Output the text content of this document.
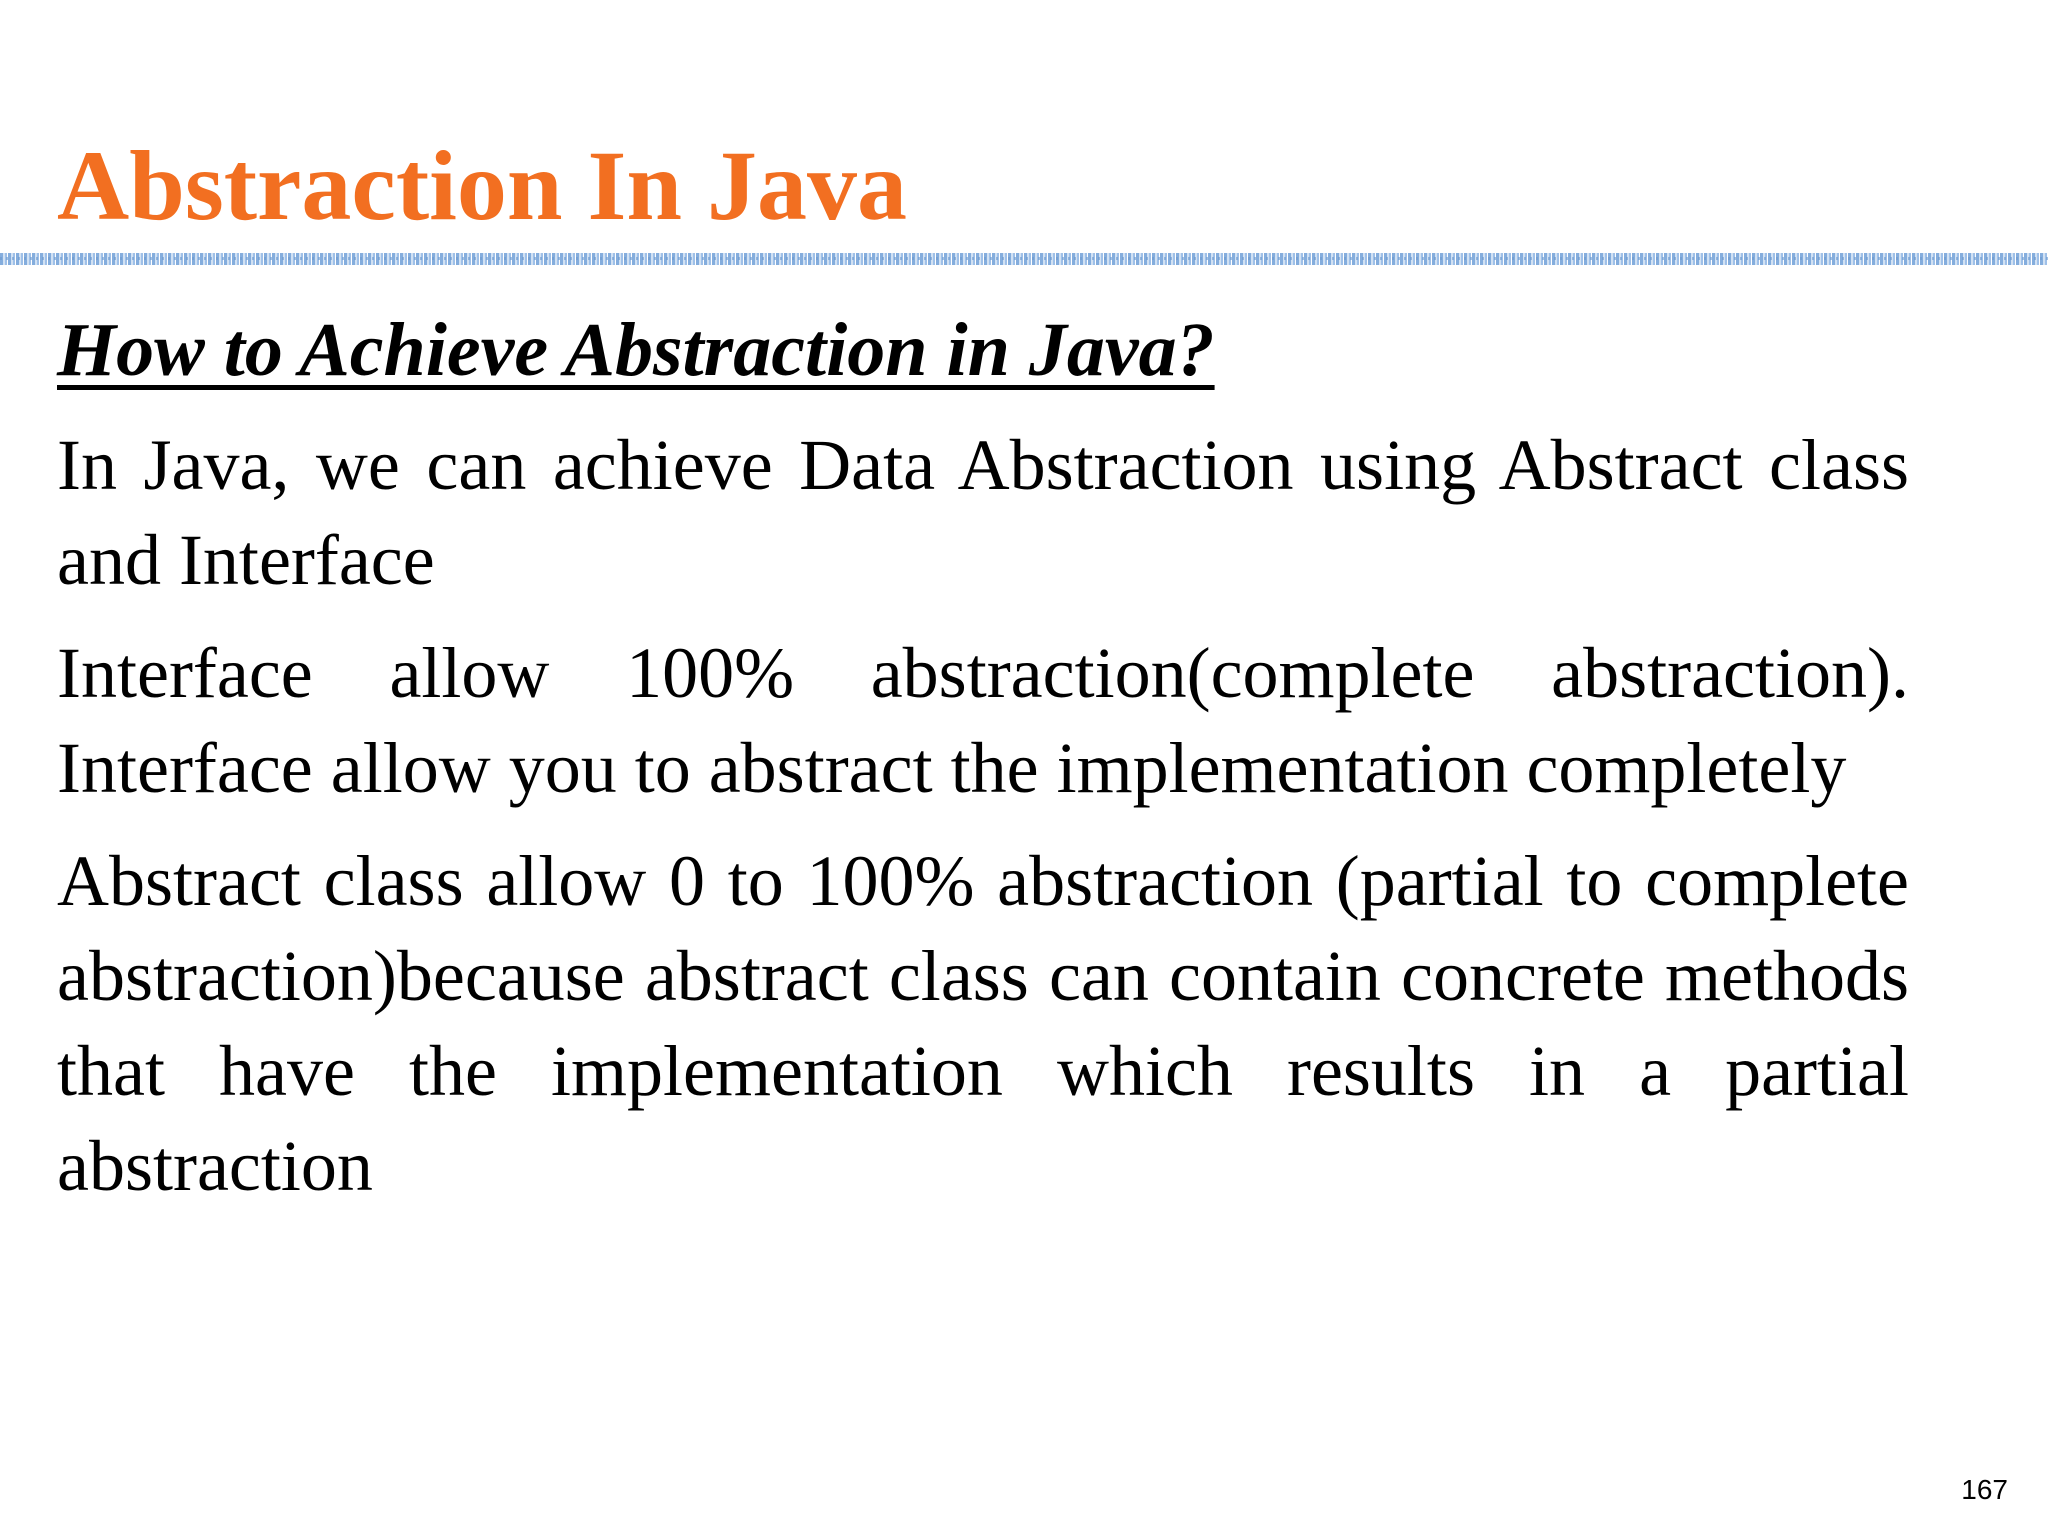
Abstraction In Java

How to Achieve Abstraction in Java?

In Java, we can achieve Data Abstraction using Abstract class and Interface

Interface allow 100% abstraction(complete abstraction). Interface allow you to abstract the implementation completely

Abstract class allow 0 to 100% abstraction (partial to complete abstraction)because abstract class can contain concrete methods that have the implementation which results in a partial abstraction

167
